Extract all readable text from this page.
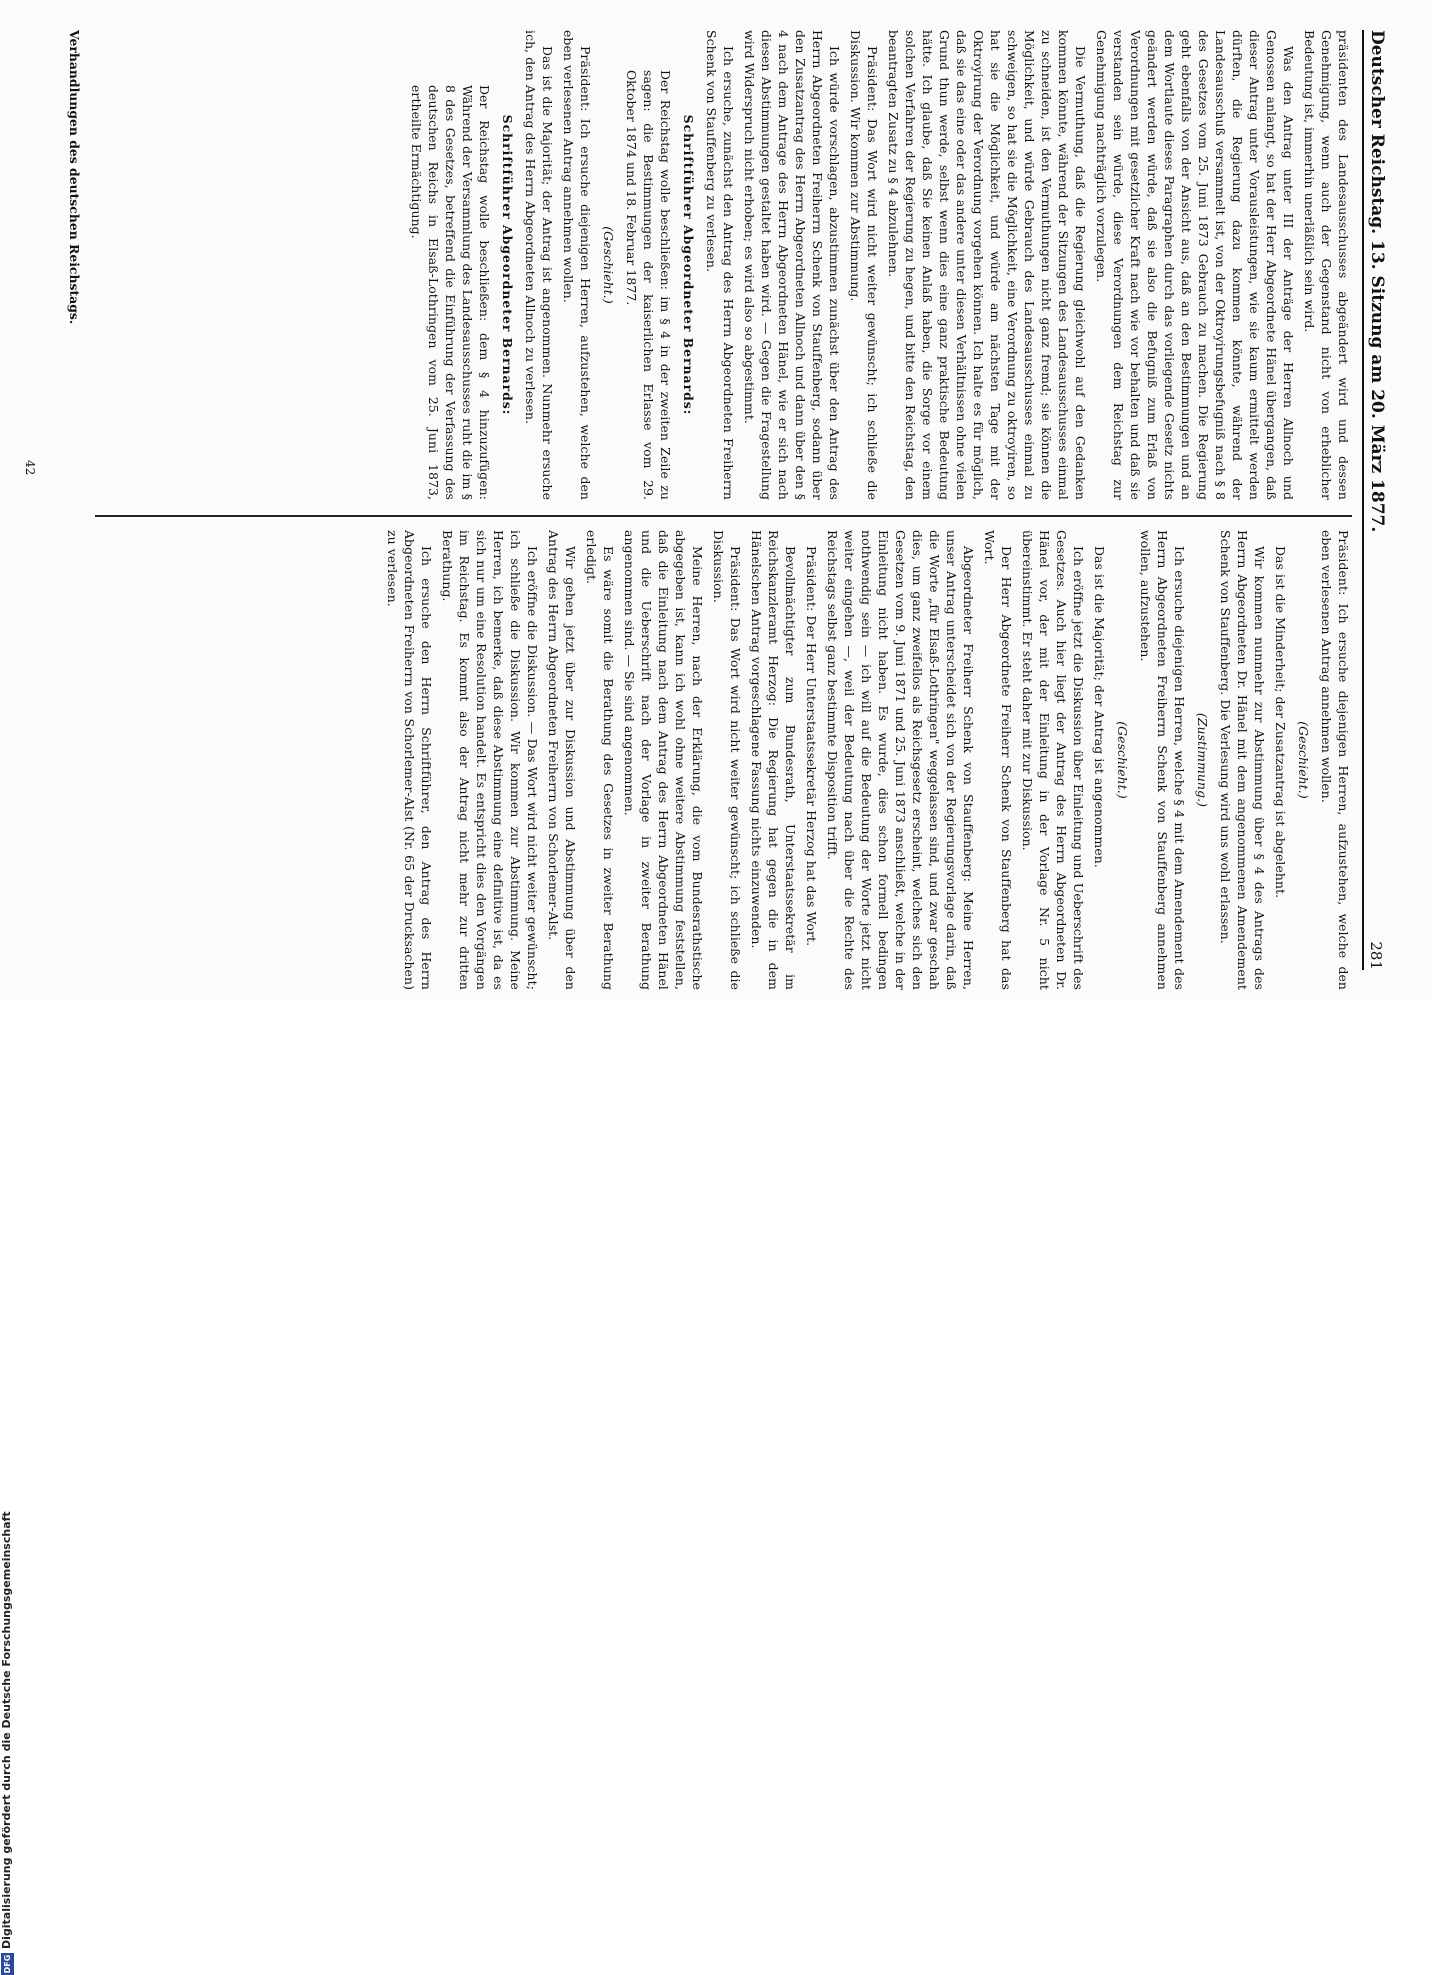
Deutscher Reichstag. 13. Sitzung am 20. März 1877.
281

präsidenten des Landesausschusses abgeändert wird und dessen Genehmigung, wenn auch der Gegenstand nicht von erheblicher Bedeutung ist, immerhin unerläßlich sein wird.

Was den Antrag unter III der Anträge der Herren Allnoch und Genossen anlangt, so hat der Herr Abgeordnete Hänel übergangen, daß dieser Antrag unter Vorausleistungen, wie sie kaum ermittelt werden dürften, die Regierung dazu kommen könnte, während der Landesausschuß versammelt ist, von der Oktroyirungsbefugniß nach § 8 des Gesetzes vom 25. Juni 1873 Gebrauch zu machen. Die Regierung geht ebenfalls von der Ansicht aus, daß an den Bestimmungen und an dem Wortlaute dieses Paragraphen durch das vorliegende Gesetz nichts geändert werden würde, daß sie also die Befugniß zum Erlaß von Verordnungen mit gesetzlicher Kraft nach wie vor behalten und daß sie verstanden sein würde, diese Verordnungen dem Reichstag zur Genehmigung nachträglich vorzulegen.

Die Vermuthung, daß die Regierung gleichwohl auf den Gedanken kommen könnte, während der Sitzungen des Landesausschusses einmal zu schneiden, ist den Vermuthungen nicht ganz fremd; sie können die Möglichkeit, und würde Gebrauch des Landesausschusses einmal zu schweigen, so hat sie die Möglichkeit, eine Verordnung zu oktroyiren, so hat sie die Möglichkeit, und würde am nächsten Tage mit der Oktroyirung der Verordnung vorgehen können. Ich halte es für möglich, daß sie das eine oder das andere unter diesen Verhältnissen ohne vielen Grund thun werde, selbst wenn dies eine ganz praktische Bedeutung hätte. Ich glaube, daß Sie keinen Anlaß haben, die Sorge vor einem solchen Verfahren der Regierung zu hegen, und bitte den Reichstag, den beantragten Zusatz zu § 4 abzulehnen.

Präsident: Das Wort wird nicht weiter gewünscht; ich schließe die Diskussion. Wir kommen zur Abstimmung.

Ich würde vorschlagen, abzustimmen zunächst über den Antrag des Herrn Abgeordneten Freiherrn Schenk von Stauffenberg, sodann über den Zusatzantrag des Herrn Abgeordneten Allnoch und dann über den § 4 nach dem Antrage des Herrn Abgeordneten Hänel, wie er sich nach diesen Abstimmungen gestaltet haben wird. — Gegen die Fragestellung wird Widerspruch nicht erhoben; es wird also so abgestimmt.

Ich ersuche, zunächst den Antrag des Herrn Abgeordneten Freiherrn Schenk von Stauffenberg zu verlesen.

Schriftführer Abgeordneter Bernards:

Der Reichstag wolle beschließen: im § 4 in der zweiten Zeile zu sagen: die Bestimmungen der kaiserlichen Erlasse vom 29. Oktober 1874 und 18. Februar 1877.

(Geschieht.)

Präsident: Ich ersuche diejenigen Herren, aufzustehen, welche den eben verlesenen Antrag annehmen wollen.

Das ist die Majorität; der Antrag ist angenommen. Nunmehr ersuche ich, den Antrag des Herrn Abgeordneten Allnoch zu verlesen.

Schriftführer Abgeordneter Bernards:

Der Reichstag wolle beschließen: dem § 4 hinzuzufügen: Während der Versammlung des Landesausschusses ruht die im § 8 des Gesetzes, betreffend die Einführung der Verfassung des deutschen Reichs in Elsaß-Lothringen vom 25. Juni 1873, ertheilte Ermächtigung.

Präsident: Ich ersuche diejenigen Herren, aufzustehen, welche den eben verlesenen Antrag annehmen wollen.

(Geschieht.)

Das ist die Minderheit; der Zusatzantrag ist abgelehnt.

Wir kommen nunmehr zur Abstimmung über § 4 des Antrags des Herrn Abgeordneten Dr. Hänel mit dem angenommenen Amendement Schenk von Stauffenberg. Die Verlesung wird uns wohl erlassen.

(Zustimmung.)

Ich ersuche diejenigen Herren, welche § 4 mit dem Amendement des Herrn Abgeordneten Freiherrn Schenk von Stauffenberg annehmen wollen, aufzustehen.

(Geschieht.)

Das ist die Majorität; der Antrag ist angenommen.

Ich eröffne jetzt die Diskussion über Einleitung und Ueberschrift des Gesetzes. Auch hier liegt der Antrag des Herrn Abgeordneten Dr. Hänel vor, der mit der Einleitung in der Vorlage Nr. 5 nicht übereinstimmt. Er steht daher mit zur Diskussion.

Der Herr Abgeordnete Freiherr Schenk von Stauffenberg hat das Wort.

Abgeordneter Freiherr Schenk von Stauffenberg: Meine Herren, unser Antrag unterscheidet sich von der Regierungsvorlage darin, daß die Worte „für Elsaß-Lothringen" weggelassen sind, und zwar geschah dies, um ganz zweifellos als Reichsgesetz erscheint, welches sich den Gesetzen vom 9. Juni 1871 und 25. Juni 1873 anschließt, welche in der Einleitung nicht haben. Es wurde, dies schon formell bedingen nothwendig sein — ich will auf die Bedeutung der Worte jetzt nicht weiter eingehen —, weil der Bedeutung nach über die Rechte des Reichstags selbst ganz bestimmte Disposition trifft.

Präsident: Der Herr Unterstaatssekretär Herzog hat das Wort.

Bevollmächtigter zum Bundesrath, Unterstaatssekretär im Reichskanzleramt Herzog: Die Regierung hat gegen die in dem Hänelschen Antrag vorgeschlagene Fassung nichts einzuwenden.

Präsident: Das Wort wird nicht weiter gewünscht; ich schließe die Diskussion.

Meine Herren, nach der Erklärung, die vom Bundesrathstische abgegeben ist, kann ich wohl ohne weitere Abstimmung feststellen, daß die Einleitung nach dem Antrag des Herrn Abgeordneten Hänel und die Ueberschrift nach der Vorlage in zweiter Berathung angenommen sind. — Sie sind angenommen.

Es wäre somit die Berathung des Gesetzes in zweiter Berathung erledigt.

Wir gehen jetzt über zur Diskussion und Abstimmung über den Antrag des Herrn Abgeordneten Freiherrn von Schorlemer-Alst.

Ich eröffne die Diskussion. — Das Wort wird nicht weiter gewünscht; ich schließe die Diskussion. Wir kommen zur Abstimmung. Meine Herren, ich bemerke, daß diese Abstimmung eine definitive ist, da es sich nur um eine Resolution handelt. Es entspricht dies den Vorgängen im Reichstag. Es kommt also der Antrag nicht mehr zur dritten Berathung.

Ich ersuche den Herrn Schriftführer, den Antrag des Herrn Abgeordneten Freiherrn von Schorlemer-Alst (Nr. 65 der Drucksachen) zu verlesen.

Verhandlungen des deutschen Reichstags.
42
DFGDigitalisierung gefördert durch die Deutsche Forschungsgemeinschaft
